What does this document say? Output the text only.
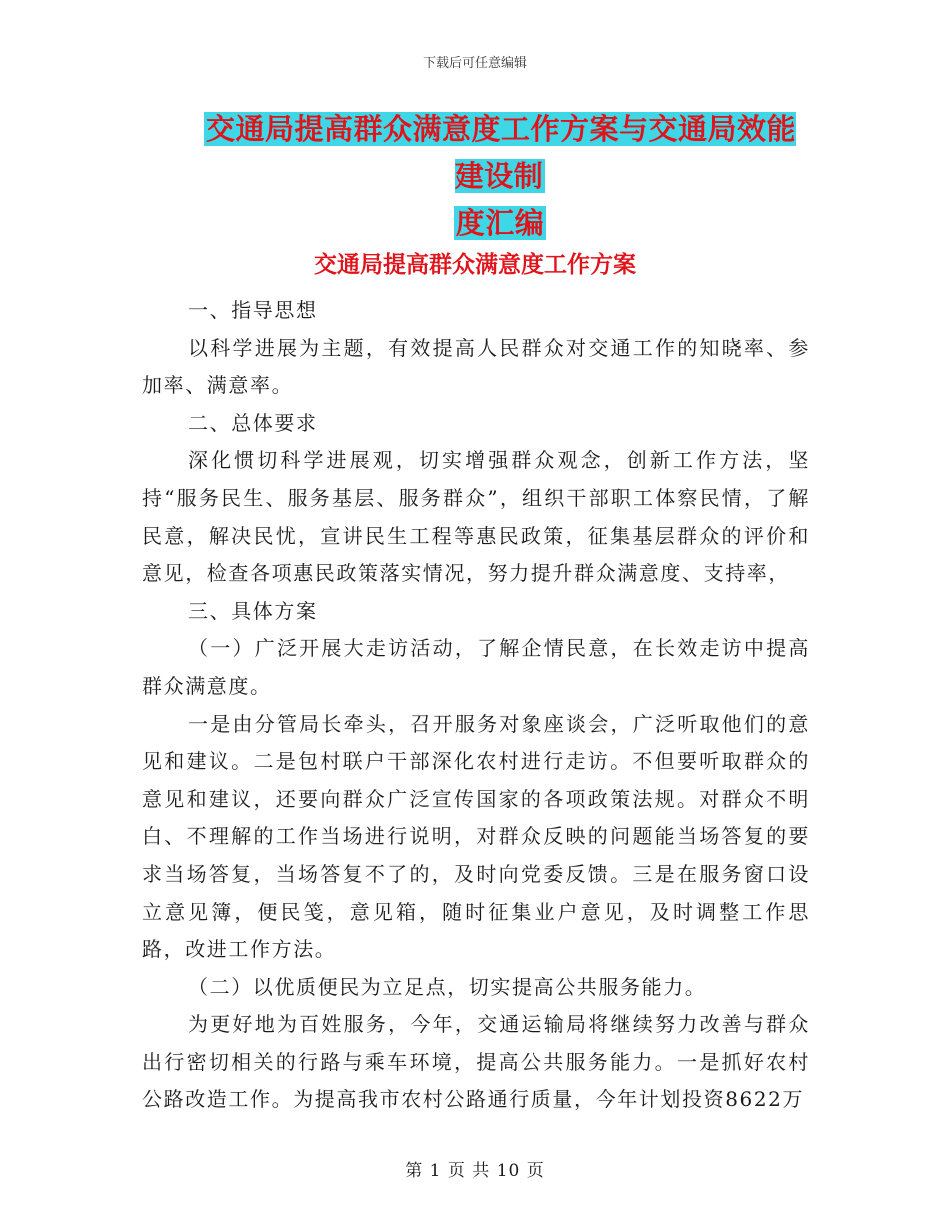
下载后可任意编辑
交通局提高群众满意度工作方案与交通局效能建设制
度汇编
交通局提高群众满意度工作方案

一、指导思想

以科学进展为主题，有效提高人民群众对交通工作的知晓率、参加率、满意率。

二、总体要求

深化惯切科学进展观，切实增强群众观念，创新工作方法，坚持“服务民生、服务基层、服务群众”，组织干部职工体察民情，了解民意，解决民忧，宣讲民生工程等惠民政策，征集基层群众的评价和意见，检查各项惠民政策落实情况，努力提升群众满意度、支持率，

三、具体方案

（一）广泛开展大走访活动，了解企情民意，在长效走访中提高群众满意度。

一是由分管局长牵头，召开服务对象座谈会，广泛听取他们的意见和建议。二是包村联户干部深化农村进行走访。不但要听取群众的意见和建议，还要向群众广泛宣传国家的各项政策法规。对群众不明白、不理解的工作当场进行说明，对群众反映的问题能当场答复的要求当场答复，当场答复不了的，及时向党委反馈。三是在服务窗口设立意见簿，便民笺，意见箱，随时征集业户意见，及时调整工作思路，改进工作方法。

（二）以优质便民为立足点，切实提高公共服务能力。

为更好地为百姓服务，今年，交通运输局将继续努力改善与群众出行密切相关的行路与乘车环境，提高公共服务能力。一是抓好农村公路改造工作。为提高我市农村公路通行质量，今年计划投资8622万

第 1 页 共 10 页
